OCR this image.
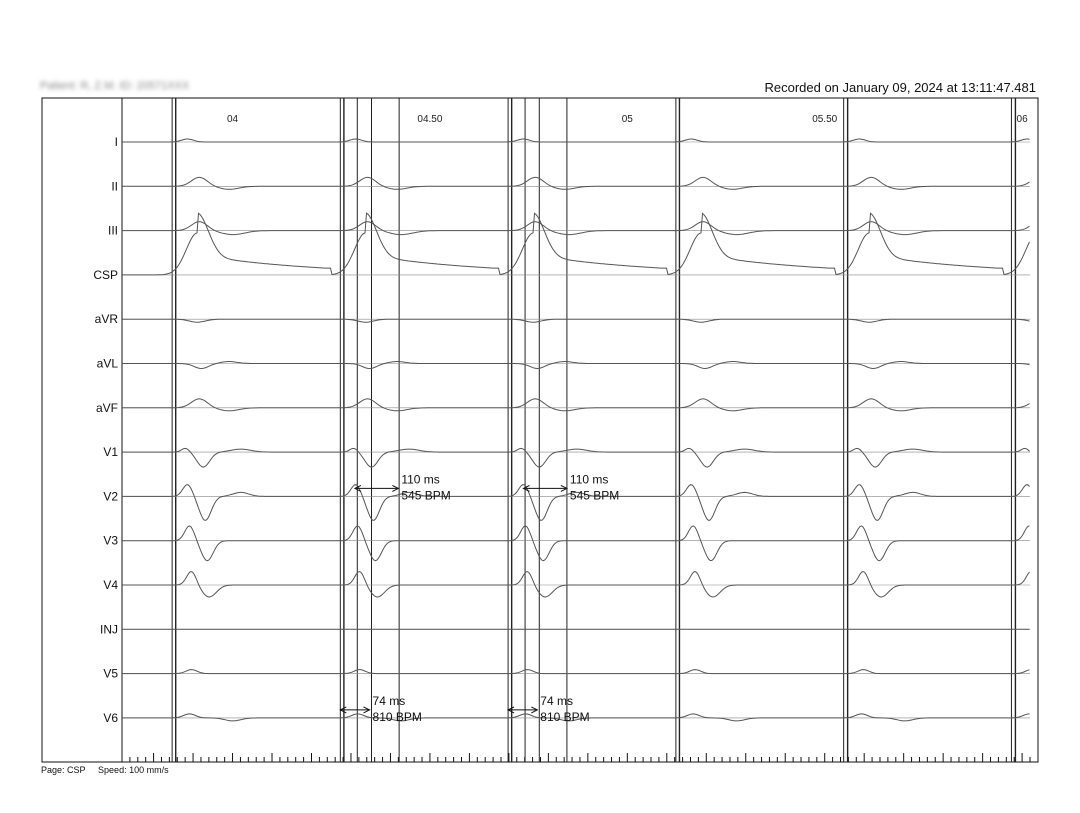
Patient: R, Z.M. ID: 20571XXX	Recorded on January 09, 2024 at 13:11:47.481
I
II
III
CSP
aVR
aVL
aVF
V1
V2
V3
V4
INJ
V5
V6
04	04.50	05	05.50	06
110 ms
545 BPM
110 ms
545 BPM
74 ms
810 BPM
74 ms
810 BPM
Page: CSP Speed: 100 mm/s
